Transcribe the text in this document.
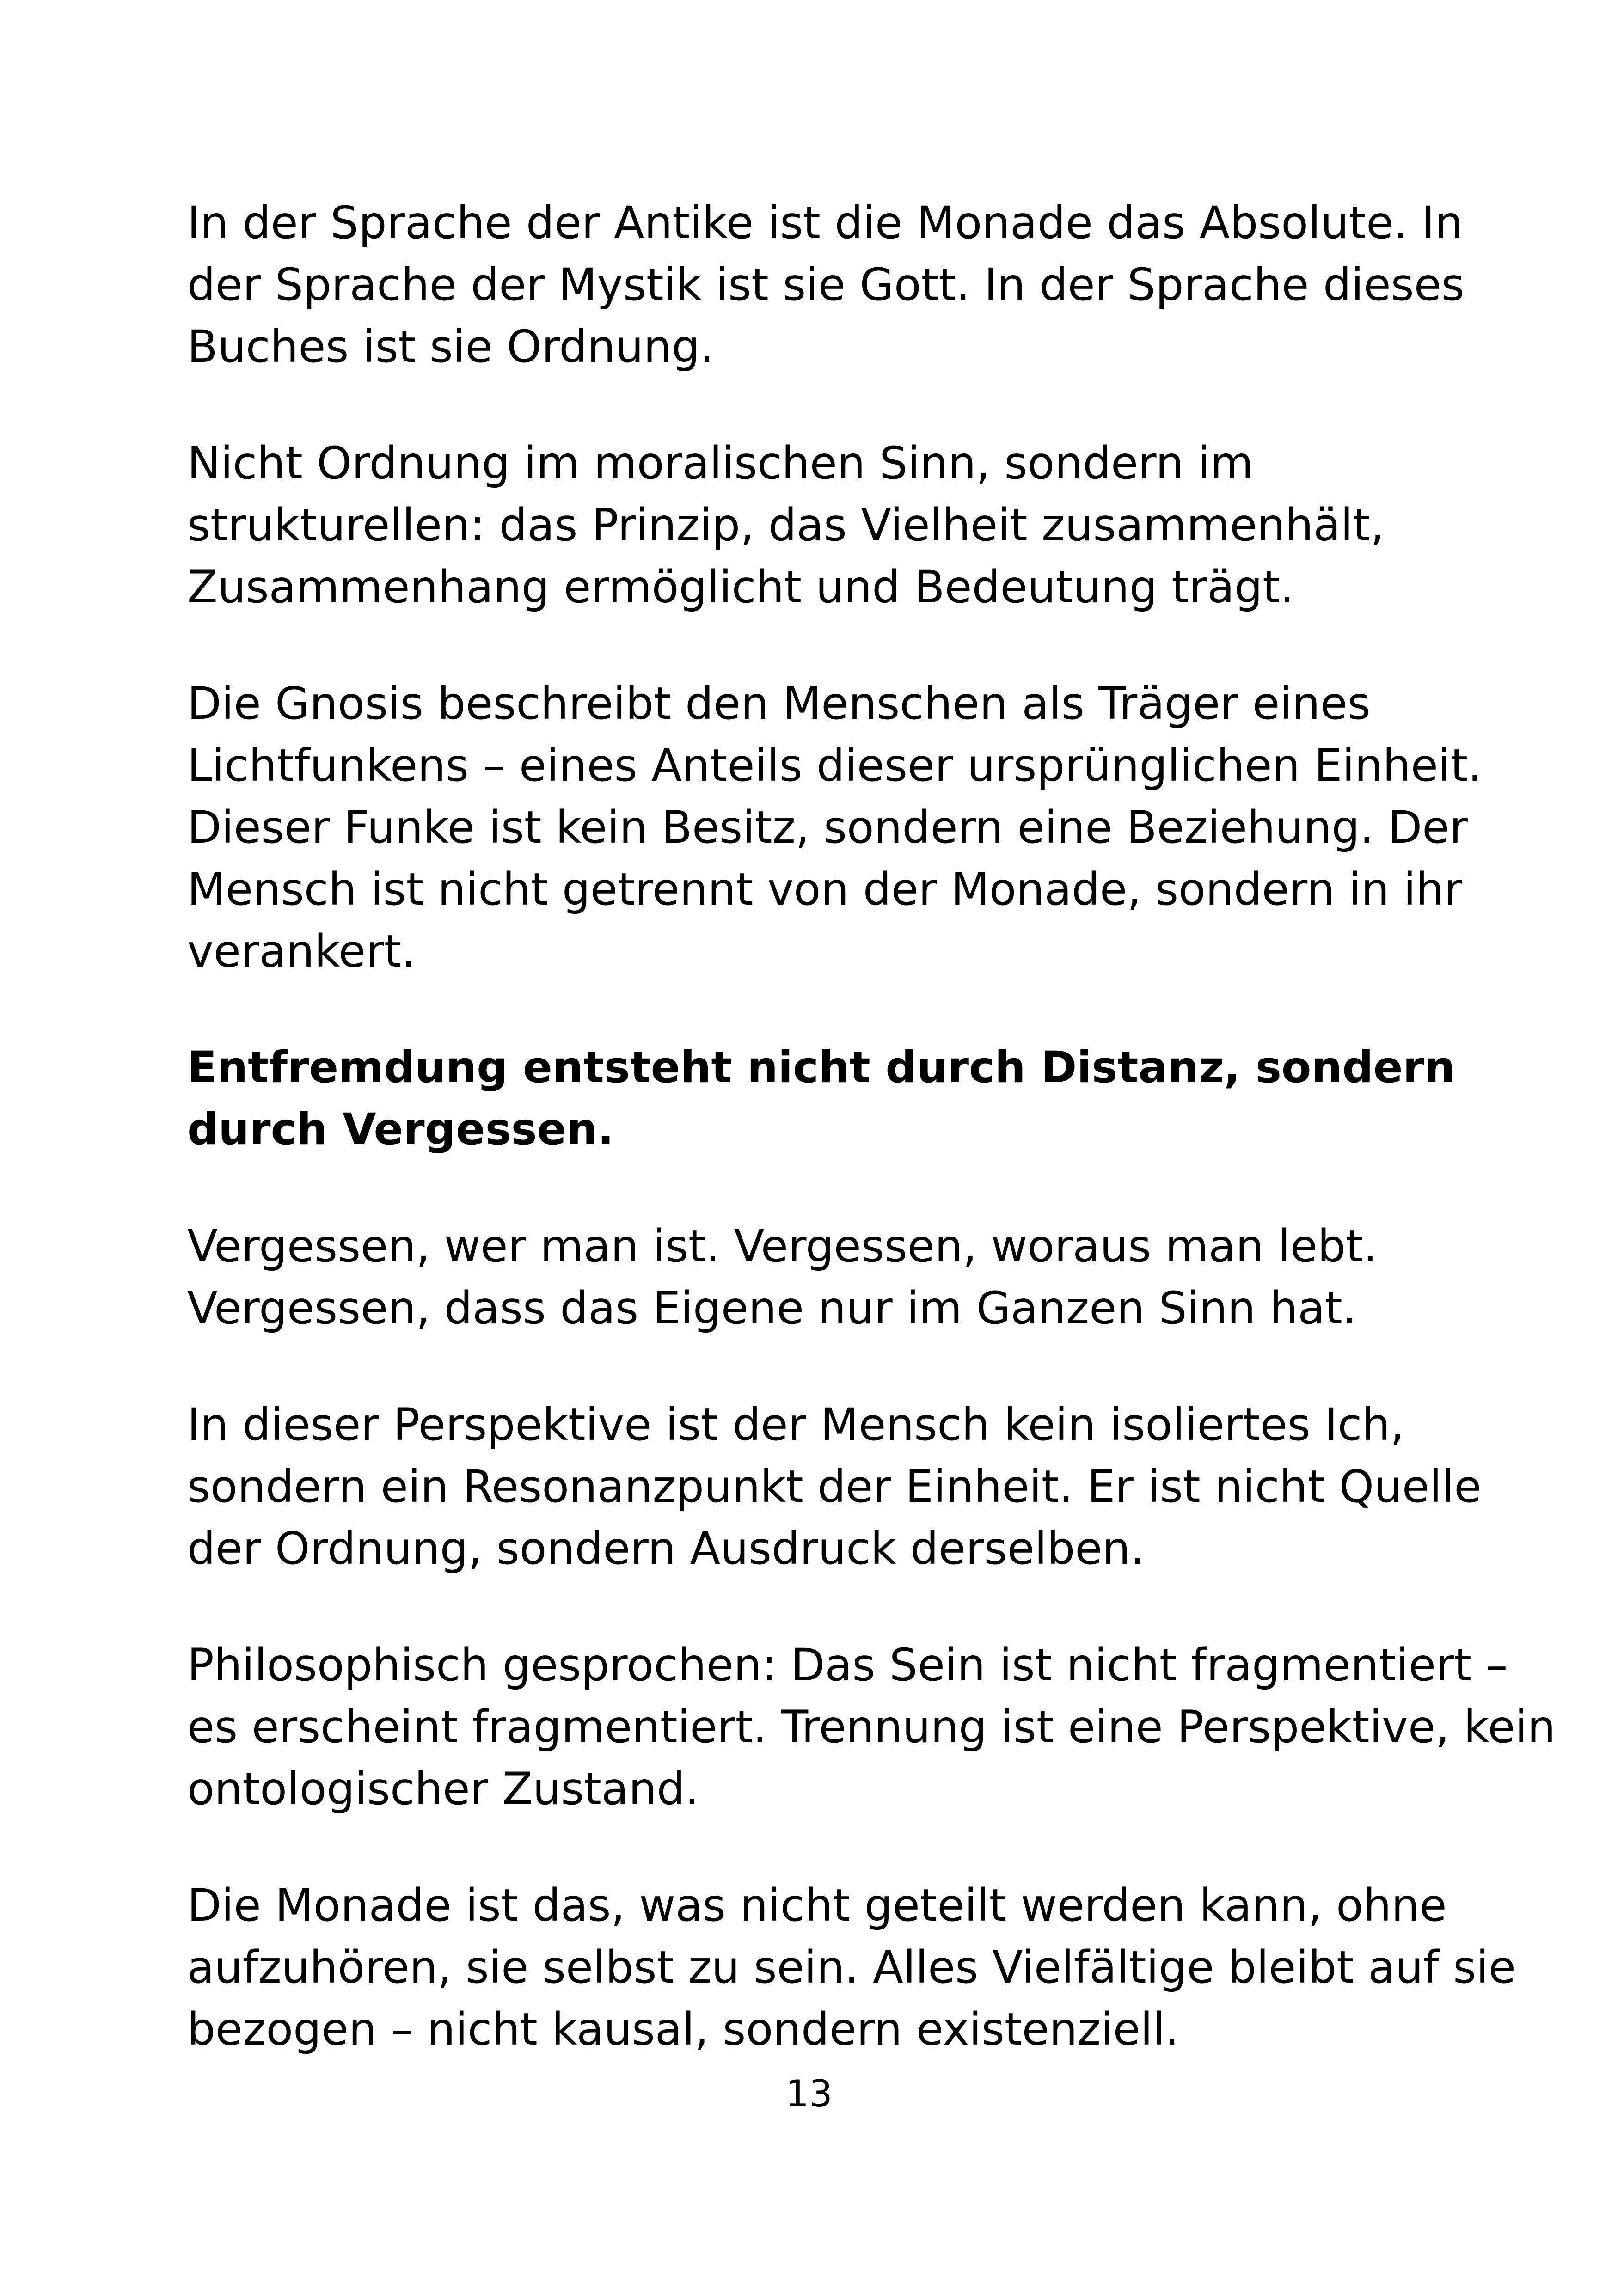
In der Sprache der Antike ist die Monade das Absolute. In
der Sprache der Mystik ist sie Gott. In der Sprache dieses
Buches ist sie Ordnung.

Nicht Ordnung im moralischen Sinn, sondern im
strukturellen: das Prinzip, das Vielheit zusammenhält,
Zusammenhang ermöglicht und Bedeutung trägt.

Die Gnosis beschreibt den Menschen als Träger eines
Lichtfunkens – eines Anteils dieser ursprünglichen Einheit.
Dieser Funke ist kein Besitz, sondern eine Beziehung. Der
Mensch ist nicht getrennt von der Monade, sondern in ihr
verankert.

Entfremdung entsteht nicht durch Distanz, sondern
durch Vergessen.

Vergessen, wer man ist. Vergessen, woraus man lebt.
Vergessen, dass das Eigene nur im Ganzen Sinn hat.

In dieser Perspektive ist der Mensch kein isoliertes Ich,
sondern ein Resonanzpunkt der Einheit. Er ist nicht Quelle
der Ordnung, sondern Ausdruck derselben.

Philosophisch gesprochen: Das Sein ist nicht fragmentiert –
es erscheint fragmentiert. Trennung ist eine Perspektive, kein
ontologischer Zustand.

Die Monade ist das, was nicht geteilt werden kann, ohne
aufzuhören, sie selbst zu sein. Alles Vielfältige bleibt auf sie
bezogen – nicht kausal, sondern existenziell.

13
